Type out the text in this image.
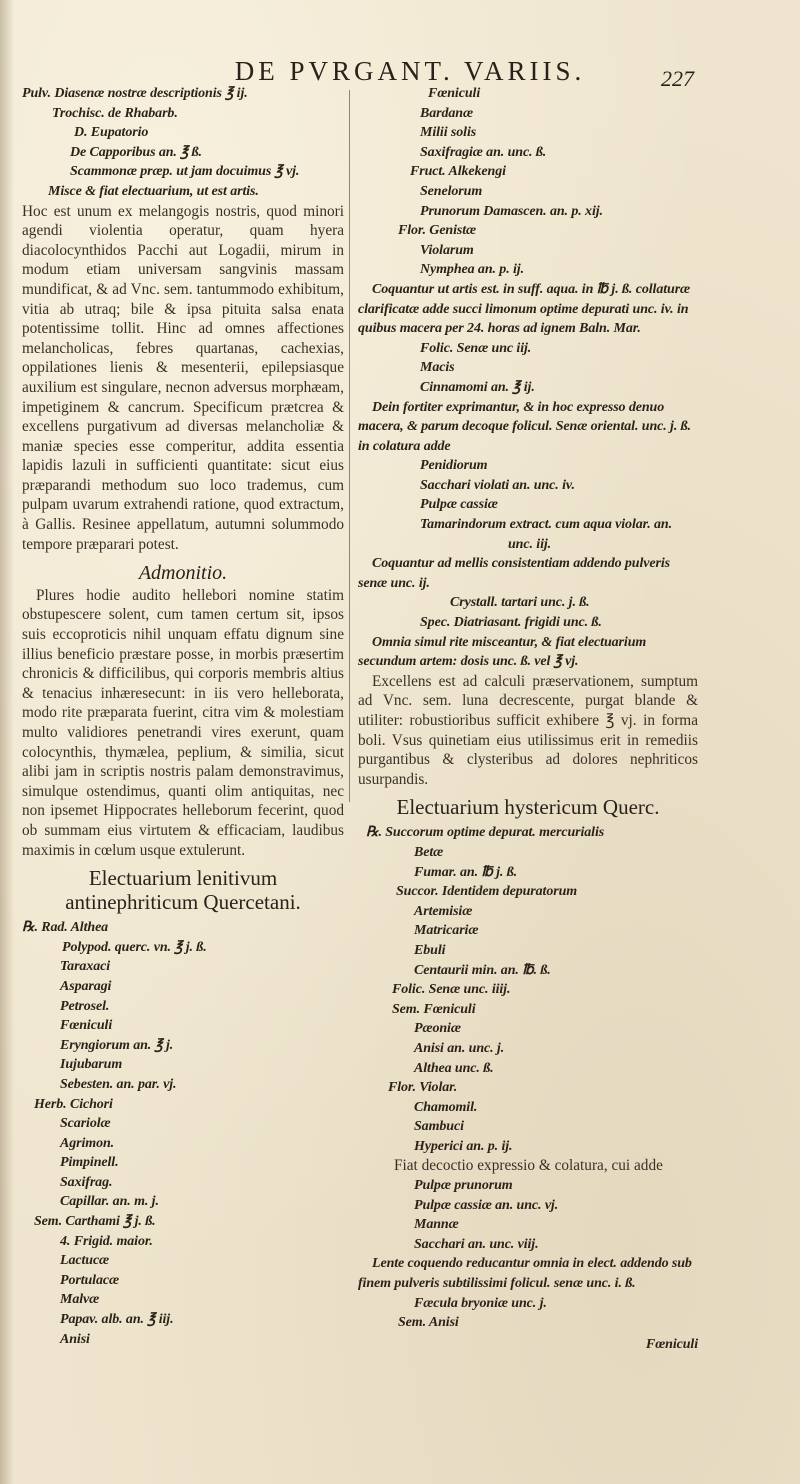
DE PVRGANT. VARIIS.	227

Pulv. Diasenæ nostræ descriptionis ℥ ij.

Trochisc. de Rhabarb.

D. Eupatorio

De Capporibus an. ℥ ß.

Scammonæ præp. ut jam docuimus ℥ vj.

Misce & fiat electuarium, ut est artis.

Hoc est unum ex melangogis nostris, quod minori agendi violentia operatur, quam hyera diacolocynthidos Pacchi aut Logadii, mirum in modum etiam universam sangvinis massam mundificat, & ad Vnc. sem. tantummodo exhibitum, vitia ab utraq; bile & ipsa pituita salsa enata potentissime tollit. Hinc ad omnes affectiones melancholicas, febres quartanas, cachexias, oppilationes lienis & mesenterii, epilepsiasque auxilium est singulare, necnon adversus morphæam, impetiginem & cancrum. Specificum prætcrea & excellens purgativum ad diversas melancholiæ & maniæ species esse comperitur, addita essentia lapidis lazuli in sufficienti quantitate: sicut eius præparandi methodum suo loco trademus, cum pulpam uvarum extrahendi ratione, quod extractum, à Gallis. Resinee appellatum, autumni solummodo tempore præparari potest.

Admonitio.

Plures hodie audito hellebori nomine statim obstupescere solent, cum tamen certum sit, ipsos suis eccoproticis nihil unquam effatu dignum sine illius beneficio præstare posse, in morbis præsertim chronicis & difficilibus, qui corporis membris altius & tenacius inhæresecunt: in iis vero helleborata, modo rite præparata fuerint, citra vim & molestiam multo validiores penetrandi vires exerunt, quam colocynthis, thymælea, peplium, & similia, sicut alibi jam in scriptis nostris palam demonstravimus, simulque ostendimus, quanti olim antiquitas, nec non ipsemet Hippocrates helleborum fecerint, quod ob summam eius virtutem & efficaciam, laudibus maximis in cœlum usque extulerunt.

Electuarium lenitivum antinephriticum Quercetani.

℞. Rad. Althea

Polypod. querc. vn. ℥ j. ß.

Taraxaci

Asparagi

Petrosel.

Fœniculi

Eryngiorum an. ℥ j.

Iujubarum

Sebesten. an. par. vj.

Herb. Cichori

Scariolæ

Agrimon.

Pimpinell.

Saxifrag.

Capillar. an. m. j.

Sem. Carthami ℥ j. ß.

4. Frigid. maior.

Lactucæ

Portulacæ

Malvæ

Papav. alb. an. ℥ iij.

Anisi

Fœniculi

Bardanæ

Milii solis

Saxifragiæ an. unc. ß.

Fruct. Alkekengi

Senelorum

Prunorum Damascen. an. p. xij.

Flor. Genistæ

Violarum

Nymphea an. p. ij.

Coquantur ut artis est. in suff. aqua. in ℔ j. ß. collaturæ clarificatæ adde succi limonum optime depurati unc. iv. in quibus macera per 24. horas ad ignem Baln. Mar.

Folic. Senæ unc iij.

Macis

Cinnamomi an. ℥ ij.

Dein fortiter exprimantur, & in hoc expresso denuo macera, & parum decoque folicul. Senæ oriental. unc. j. ß. in colatura adde

Penidiorum

Sacchari violati an. unc. iv.

Pulpæ cassiæ

Tamarindorum extract. cum aqua violar. an.

unc. iij.

Coquantur ad mellis consistentiam addendo pulveris senæ unc. ij.

Crystall. tartari unc. j. ß.

Spec. Diatriasant. frigidi unc. ß.

Omnia simul rite misceantur, & fiat electuarium secundum artem: dosis unc. ß. vel ℥ vj.

Excellens est ad calculi præservationem, sumptum ad Vnc. sem. luna decrescente, purgat blande & utiliter: robustioribus sufficit exhibere ℥ vj. in forma boli. Vsus quinetiam eius utilissimus erit in remediis purgantibus & clysteribus ad dolores nephriticos usurpandis.

Electuarium hystericum Querc.

℞. Succorum optime depurat. mercurialis

Betæ

Fumar. an. ℔ j. ß.

Succor. Identidem depuratorum

Artemisiæ

Matricariæ

Ebuli

Centaurii min. an. ℔. ß.

Folic. Senæ unc. iiij.

Sem. Fœniculi

Pæoniæ

Anisi an. unc. j.

Althea unc. ß.

Flor. Violar.

Chamomil.

Sambuci

Hyperici an. p. ij.

Fiat decoctio expressio & colatura, cui adde

Pulpæ prunorum

Pulpæ cassiæ an. unc. vj.

Mannæ

Sacchari an. unc. viij.

Lente coquendo reducantur omnia in elect. addendo sub finem pulveris subtilissimi folicul. senæ unc. i. ß.

Fæcula bryoniæ unc. j.

Sem. Anisi

Fœniculi
